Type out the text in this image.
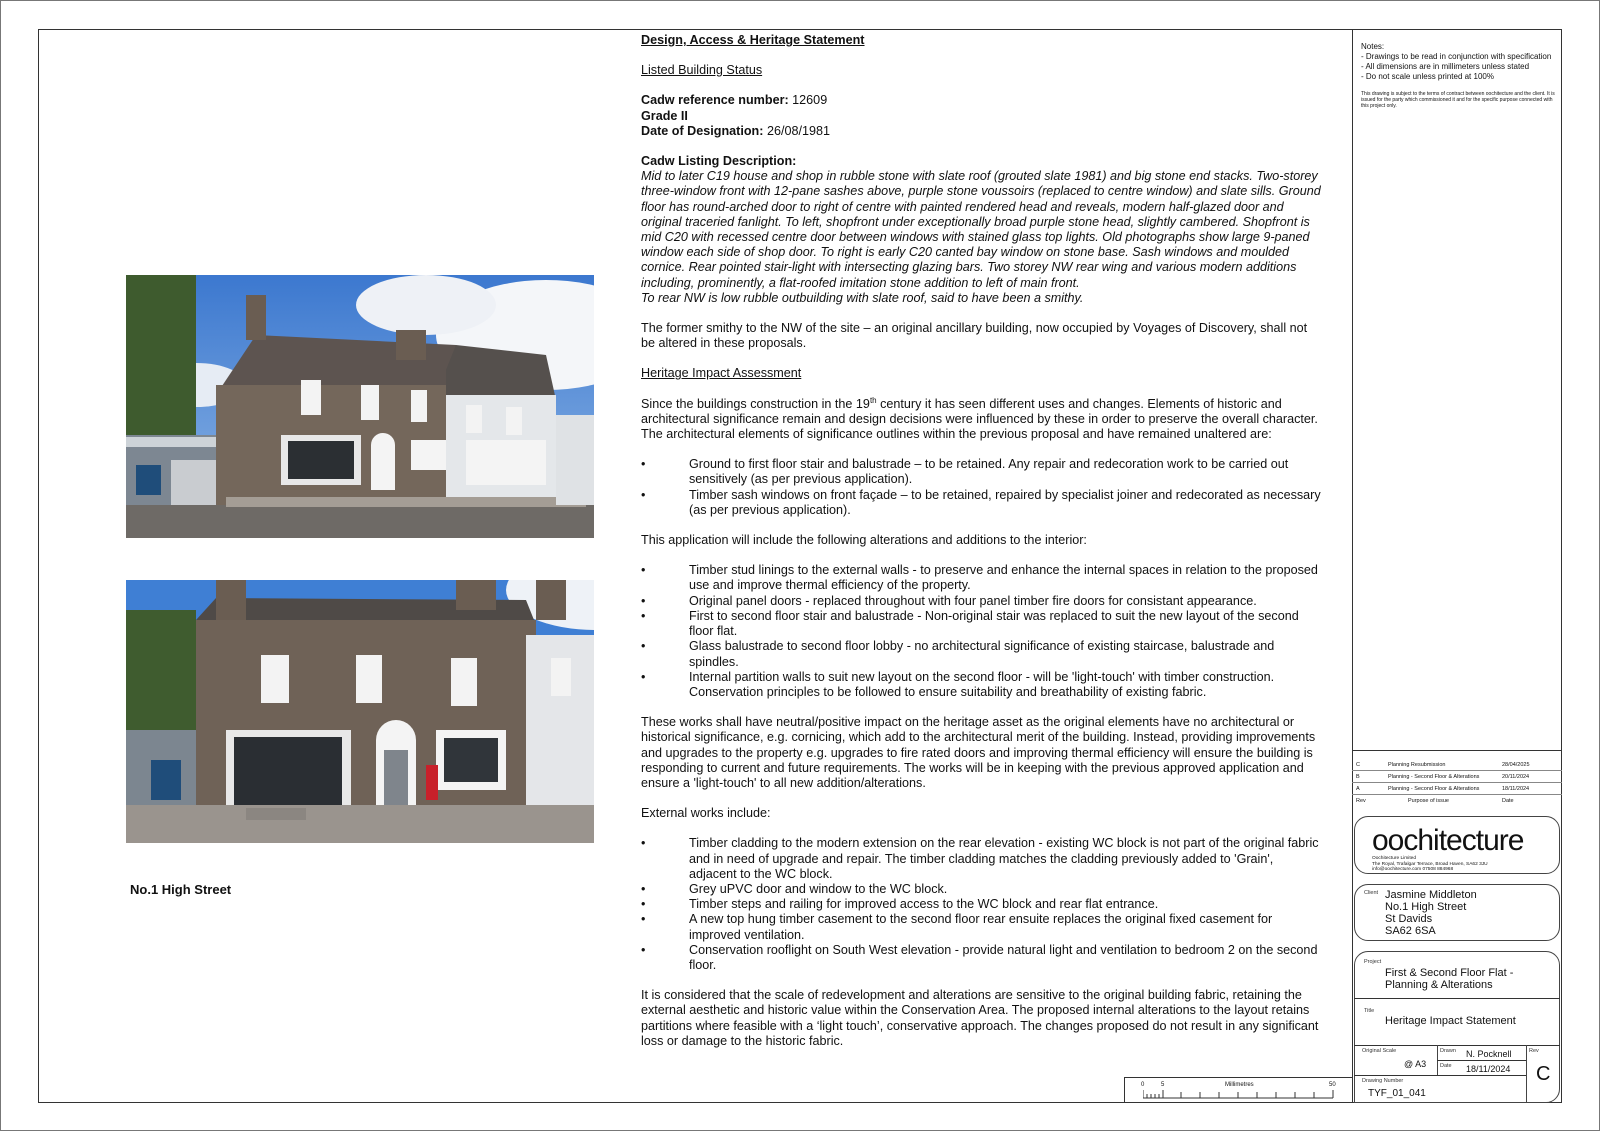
No.1 High Street

Design, Access & Heritage Statement

Listed Building Status

Cadw reference number: 12609

Grade II

Date of Designation: 26/08/1981

Cadw Listing Description:

Mid to later C19 house and shop in rubble stone with slate roof (grouted slate 1981) and big stone end stacks. Two-storey three-window front with 12-pane sashes above, purple stone voussoirs (replaced to centre window) and slate sills. Ground floor has round-arched door to right of centre with painted rendered head and reveals, modern half-glazed door and original traceried fanlight. To left, shopfront under exceptionally broad purple stone head, slightly cambered. Shopfront is mid C20 with recessed centre door between windows with stained glass top lights. Old photographs show large 9-paned window each side of shop door. To right is early C20 canted bay window on stone base. Sash windows and moulded cornice. Rear pointed stair-light with intersecting glazing bars. Two storey NW rear wing and various modern additions including, prominently, a flat-roofed imitation stone addition to left of main front.

To rear NW is low rubble outbuilding with slate roof, said to have been a smithy.

The former smithy to the NW of the site – an original ancillary building, now occupied by Voyages of Discovery, shall not be altered in these proposals.

Heritage Impact Assessment

Since the buildings construction in the 19th century it has seen different uses and changes. Elements of historic and architectural significance remain and design decisions were influenced by these in order to preserve the overall character. The architectural elements of significance outlines within the previous proposal and have remained unaltered are:

• Ground to first floor stair and balustrade – to be retained. Any repair and redecoration work to be carried out sensitively (as per previous application).
• Timber sash windows on front façade – to be retained, repaired by specialist joiner and redecorated as necessary (as per previous application).

This application will include the following alterations and additions to the interior:

• Timber stud linings to the external walls - to preserve and enhance the internal spaces in relation to the proposed use and improve thermal efficiency of the property.
• Original panel doors - replaced throughout with four panel timber fire doors for consistant appearance.
• First to second floor stair and balustrade - Non-original stair was replaced to suit the new layout of the second floor flat.
• Glass balustrade to second floor lobby - no architectural significance of existing staircase, balustrade and spindles.
• Internal partition walls to suit new layout on the second floor - will be 'light-touch' with timber construction. Conservation principles to be followed to ensure suitability and breathability of existing fabric.

These works shall have neutral/positive impact on the heritage asset as the original elements have no architectural or historical significance, e.g. cornicing, which add to the architectural merit of the building. Instead, providing improvements and upgrades to the property e.g. upgrades to fire rated doors and improving thermal efficiency will ensure the building is responding to current and future requirements. The works will be in keeping with the previous approved application and ensure a 'light-touch' to all new addition/alterations.

External works include:

• Timber cladding to the modern extension on the rear elevation - existing WC block is not part of the original fabric and in need of upgrade and repair. The timber cladding matches the cladding previously added to 'Grain', adjacent to the WC block.
• Grey uPVC door and window to the WC block.
• Timber steps and railing for improved access to the WC block and rear flat entrance.
• A new top hung timber casement to the second floor rear ensuite replaces the original fixed casement for improved ventilation.
• Conservation rooflight on South West elevation - provide natural light and ventilation to bedroom 2 on the second floor.

It is considered that the scale of redevelopment and alterations are sensitive to the original building fabric, retaining the external aesthetic and historic value within the Conservation Area. The proposed internal alterations to the layout retains partitions where feasible with a ‘light touch’, conservative approach. The changes proposed do not result in any significant loss or damage to the historic fabric.

Notes:
- Drawings to be read in conjunction with specification
- All dimensions are in millimeters unless stated
- Do not scale unless printed at 100%
This drawing is subject to the terms of contract between oochitecture and the client. It is issued for the party which commissioned it and for the specific purpose connected with this project only.
C	Planning Resubmission	28/04/2025
B	Planning - Second Floor & Alterations	20/11/2024
A	Planning - Second Floor & Alterations	18/11/2024
Rev	Purpose of issue	Date
oochitecture
Oochitecture Limited
The Royal, Trafalgar Terrace, Broad Haven, SA62 3JU
info@oochitecture.com 07508 884968
Client Jasmine Middleton
No.1 High Street
St Davids
SA62 6SA
Project
First & Second Floor Flat -
Planning & Alterations
Title
Heritage Impact Statement
Original Scale
@ A3
Drawn N. Pocknell
Date 18/11/2024
Rev
C
Drawing Number
TYF_01_041
0	5	Millimetres	50
